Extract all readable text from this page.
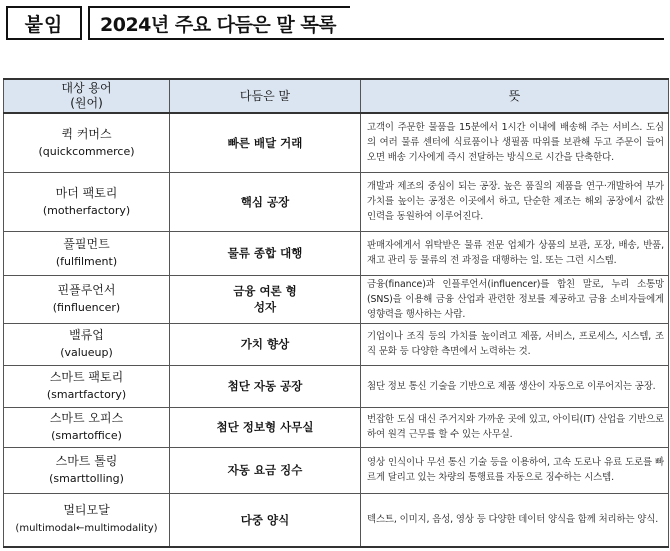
붙임	2024년 주요 다듬은 말 목록
대상 용어
(원어)	다듬은 말	뜻
퀵 커머스
(quickcommerce)	빠른 배달 거래	고객이 주문한 물품을 15분에서 1시간 이내에 배송해 주는 서비스. 도심의 여러 물류 센터에 식료품이나 생필품 따위를 보관해 두고 주문이 들어오면 배송 기사에게 즉시 전달하는 방식으로 시간을 단축한다.
마더 팩토리
(motherfactory)	핵심 공장	개발과 제조의 중심이 되는 공장. 높은 품질의 제품을 연구·개발하여 부가 가치를 높이는 공정은 이곳에서 하고, 단순한 제조는 해외 공장에서 값싼 인력을 동원하여 이루어진다.
풀필먼트
(fulfilment)	물류 종합 대행	판매자에게서 위탁받은 물류 전문 업체가 상품의 보관, 포장, 배송, 반품, 재고 관리 등 물류의 전 과정을 대행하는 일. 또는 그런 시스템.
핀플루언서
(finfluencer)	금융 여론 형성자	금융(finance)과 인플루언서(influencer)를 합친 말로, 누리 소통망(SNS)을 이용해 금융 산업과 관련한 정보를 제공하고 금융 소비자들에게 영향력을 행사하는 사람.
밸류업
(valueup)	가치 향상	기업이나 조직 등의 가치를 높이려고 제품, 서비스, 프로세스, 시스템, 조직 문화 등 다양한 측면에서 노력하는 것.
스마트 팩토리
(smartfactory)	첨단 자동 공장	첨단 정보 통신 기술을 기반으로 제품 생산이 자동으로 이루어지는 공장.
스마트 오피스
(smartoffice)	첨단 정보형 사무실	번잡한 도심 대신 주거지와 가까운 곳에 있고, 아이티(IT) 산업을 기반으로 하여 원격 근무를 할 수 있는 사무실.
스마트 톨링
(smarttolling)	자동 요금 징수	영상 인식이나 무선 통신 기술 등을 이용하여, 고속 도로나 유료 도로를 빠르게 달리고 있는 차량의 통행료를 자동으로 징수하는 시스템.
멀티모달
(multimodal←multimodality)	다중 양식	텍스트, 이미지, 음성, 영상 등 다양한 데이터 양식을 함께 처리하는 양식.
